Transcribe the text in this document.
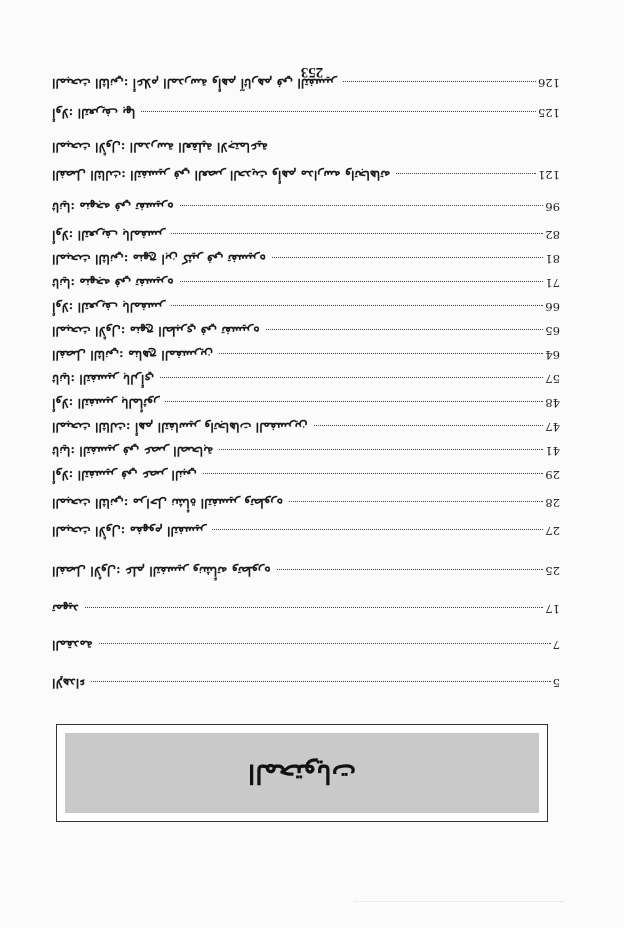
المحتويات
الإهداء	5
المقدمة	7
تمهيد	17
الفصل الأول: علم التفسير ونشأته وتطوره	25
المبحث الأول: مفهوم التفسير	27
المبحث الثاني: مراحل نشأة التفسير وتطوره	28
أولا: التفسير في عصر النبي	29
ثانيا: التفسير في عصر الصحابة	41
المبحث الثالث: أهم التفاسير واتجاهات المفسرين	47
أولا: التفسير بالمأثور	48
ثانيا: التفسير بالرأي	57
الفصل الثاني: مناهج المفسرين	64
المبحث الأول: منهج الطبري في تفسيره	65
أولا: التعريف بالمفسر	66
ثانيا: منهجه في تفسيره	71
المبحث الثاني: منهج ابن كثير في تفسيره	81
أولا: التعريف بالمفسر	82
ثانيا: منهجه في تفسيره	96
الفصل الثالث: التفسير في العصر الحديث وأهم مدارسه واتجاهاته	121
المبحث الأول: المدرسة العقلية الاجتماعية
أولا: التعريف بها	125
المبحث الثاني: أعلام المدرسة وأهم آثارهم في التفسير	126
253
